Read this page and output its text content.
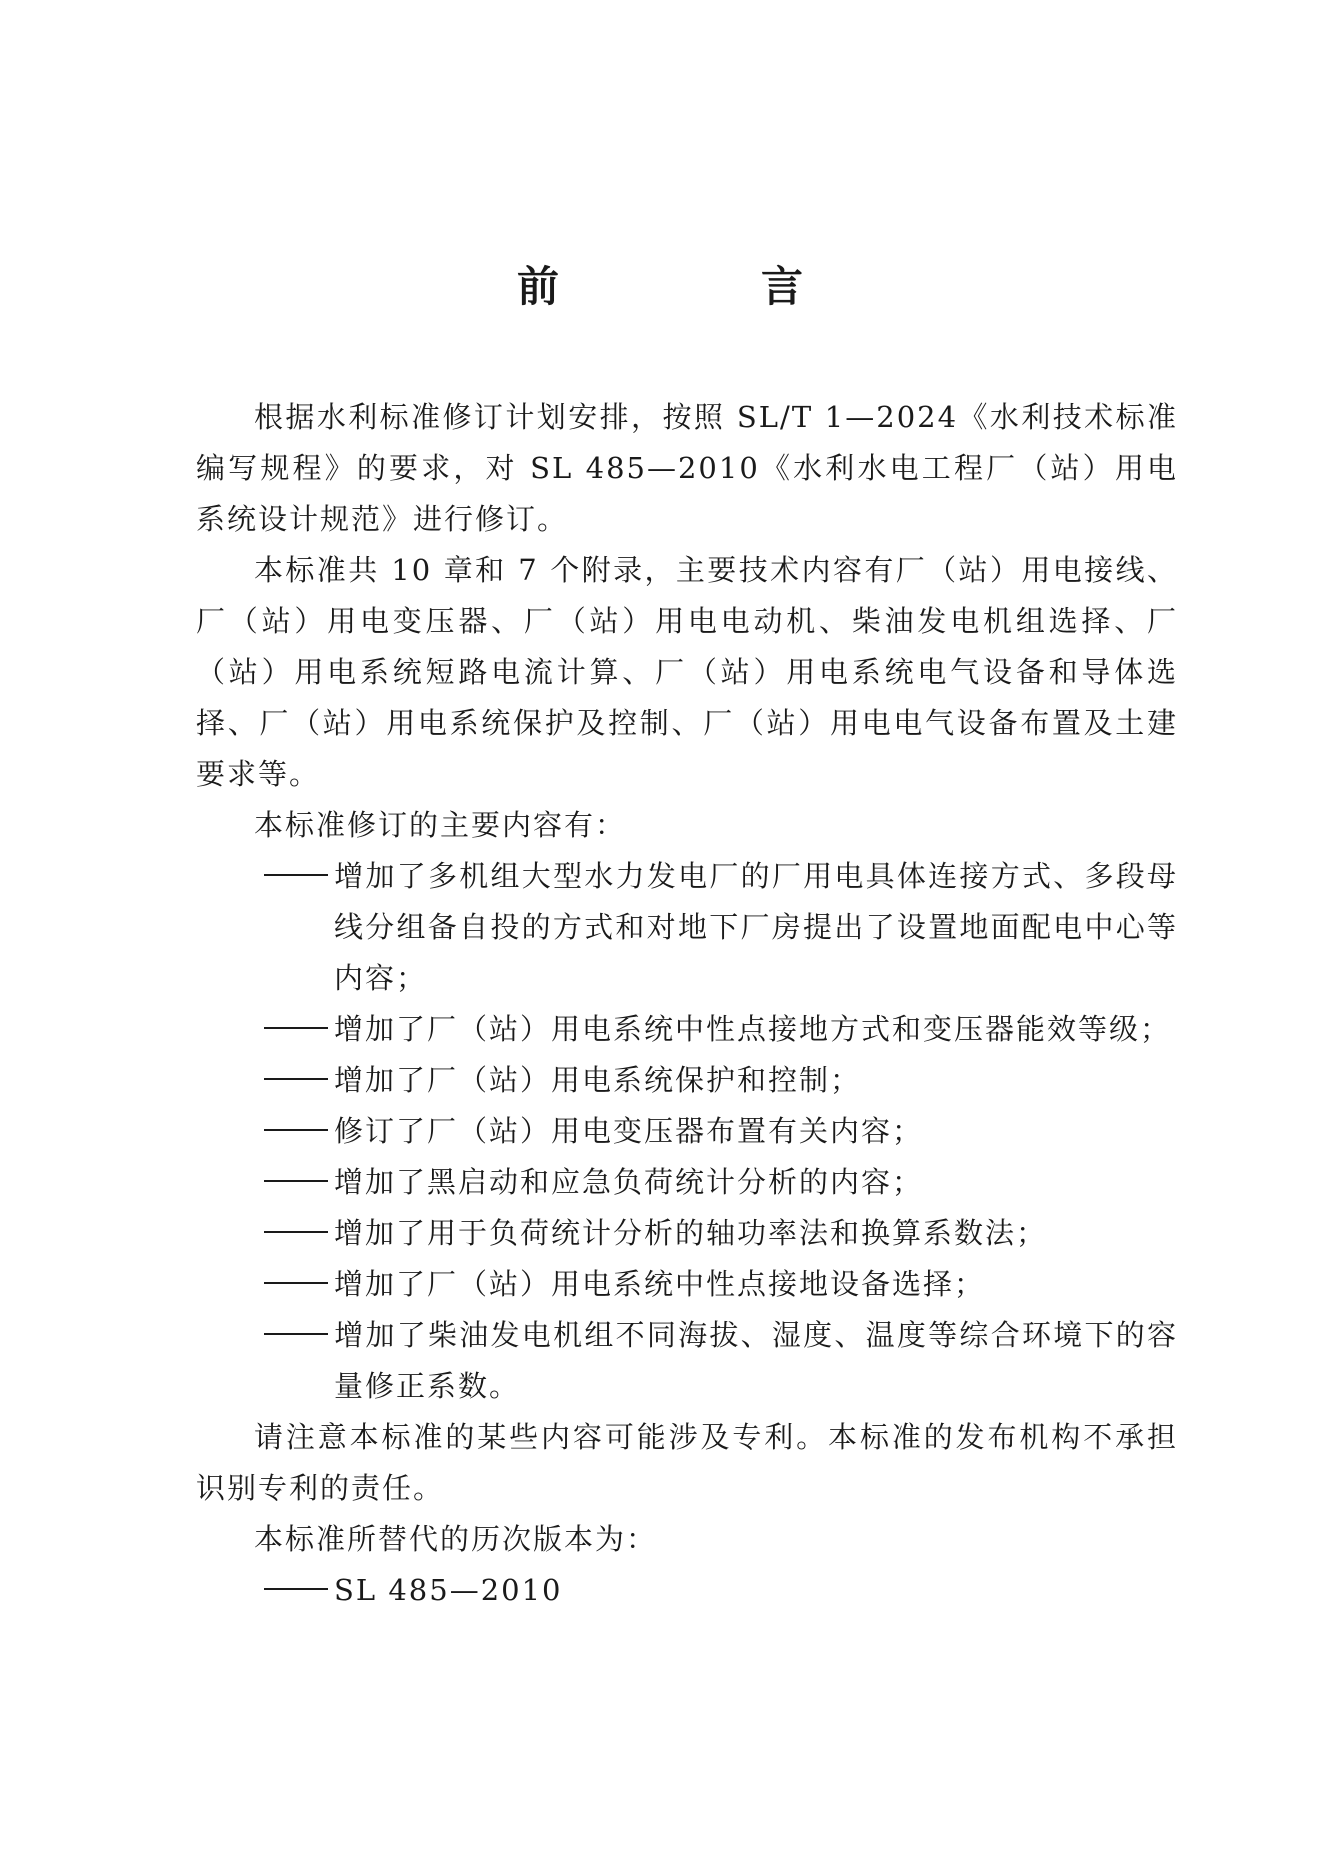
前　言

根据水利标准修订计划安排，按照 SL/T 1—2024《水利技术标准编写规程》的要求，对 SL 485—2010《水利水电工程厂（站）用电系统设计规范》进行修订。

本标准共 10 章和 7 个附录，主要技术内容有厂（站）用电接线、厂（站）用电变压器、厂（站）用电电动机、柴油发电机组选择、厂（站）用电系统短路电流计算、厂（站）用电系统电气设备和导体选择、厂（站）用电系统保护及控制、厂（站）用电电气设备布置及土建要求等。

本标准修订的主要内容有：

增加了多机组大型水力发电厂的厂用电具体连接方式、多段母线分组备自投的方式和对地下厂房提出了设置地面配电中心等内容；
增加了厂（站）用电系统中性点接地方式和变压器能效等级；
增加了厂（站）用电系统保护和控制；
修订了厂（站）用电变压器布置有关内容；
增加了黑启动和应急负荷统计分析的内容；
增加了用于负荷统计分析的轴功率法和换算系数法；
增加了厂（站）用电系统中性点接地设备选择；
增加了柴油发电机组不同海拔、湿度、温度等综合环境下的容量修正系数。

请注意本标准的某些内容可能涉及专利。本标准的发布机构不承担识别专利的责任。

本标准所替代的历次版本为：

SL 485—2010
